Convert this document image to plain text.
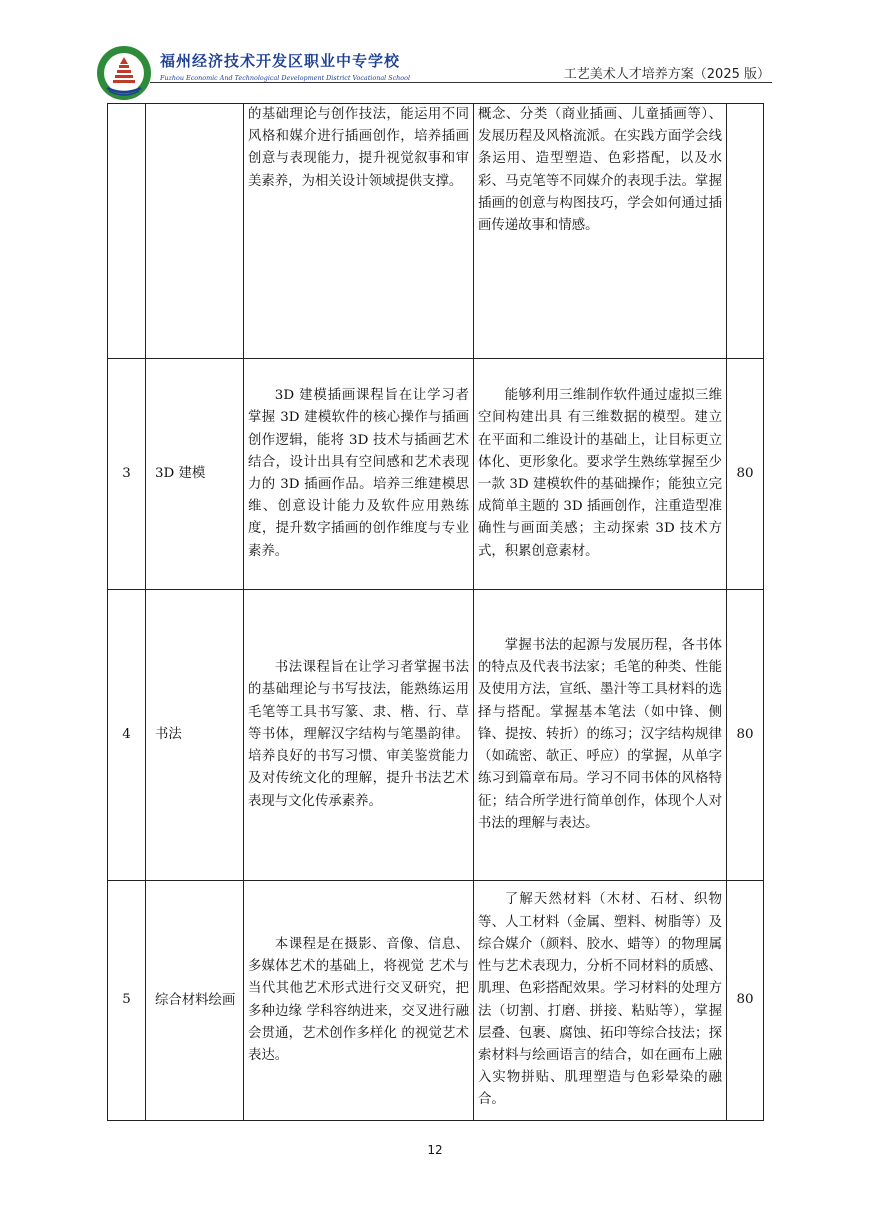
福州经济技术开发区职业中专学校
Fuzhou Economic And Technological Development District Vocational School	工艺美术人才培养方案（2025 版）
		的基础理论与创作技法，能运用不同风格和媒介进行插画创作，培养插画创意与表现能力，提升视觉叙事和审美素养，为相关设计领域提供支撑。	概念、分类（商业插画、儿童插画等）、发展历程及风格流派。在实践方面学会线条运用、造型塑造、色彩搭配，以及水彩、马克笔等不同媒介的表现手法。掌握插画的创意与构图技巧，学会如何通过插画传递故事和情感。	
3	3D 建模	3D 建模插画课程旨在让学习者掌握 3D 建模软件的核心操作与插画创作逻辑，能将 3D 技术与插画艺术结合，设计出具有空间感和艺术表现力的 3D 插画作品。培养三维建模思维、创意设计能力及软件应用熟练度，提升数字插画的创作维度与专业素养。	能够利用三维制作软件通过虚拟三维空间构建出具 有三维数据的模型。建立在平面和二维设计的基础上，让目标更立体化、更形象化。要求学生熟练掌握至少一款 3D 建模软件的基础操作；能独立完成简单主题的 3D 插画创作，注重造型准确性与画面美感；主动探索 3D 技术方式，积累创意素材。	80
4	书法	书法课程旨在让学习者掌握书法的基础理论与书写技法，能熟练运用毛笔等工具书写篆、隶、楷、行、草等书体，理解汉字结构与笔墨韵律。培养良好的书写习惯、审美鉴赏能力及对传统文化的理解，提升书法艺术表现与文化传承素养。	掌握书法的起源与发展历程，各书体的特点及代表书法家；毛笔的种类、性能及使用方法，宣纸、墨汁等工具材料的选择与搭配。掌握基本笔法（如中锋、侧锋、提按、转折）的练习；汉字结构规律（如疏密、欹正、呼应）的掌握，从单字练习到篇章布局。学习不同书体的风格特征；结合所学进行简单创作，体现个人对书法的理解与表达。	80
5	综合材料绘画	本课程是在摄影、音像、信息、多媒体艺术的基础上，将视觉 艺术与当代其他艺术形式进行交叉研究，把多种边缘 学科容纳进来，交叉进行融会贯通，艺术创作多样化 的视觉艺术表达。	了解天然材料（木材、石材、织物等、人工材料（金属、塑料、树脂等）及综合媒介（颜料、胶水、蜡等）的物理属性与艺术表现力，分析不同材料的质感、肌理、色彩搭配效果。学习材料的处理方法（切割、打磨、拼接、粘贴等），掌握层叠、包裹、腐蚀、拓印等综合技法；探索材料与绘画语言的结合，如在画布上融入实物拼贴、肌理塑造与色彩晕染的融合。	80
12
